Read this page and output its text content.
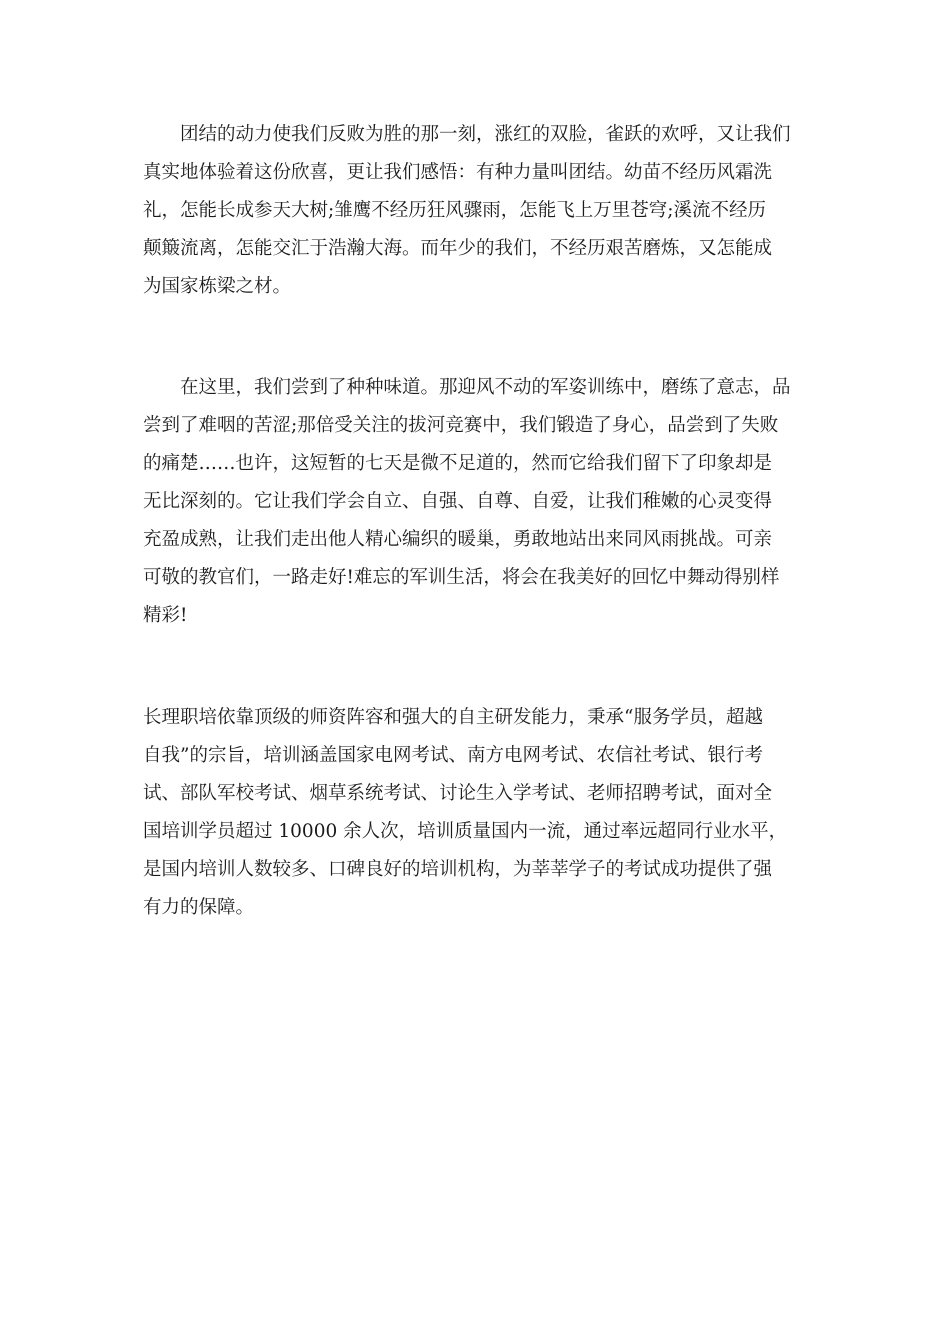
　　团结的动力使我们反败为胜的那一刻，涨红的双脸，雀跃的欢呼，又让我们
真实地体验着这份欣喜，更让我们感悟：有种力量叫团结。幼苗不经历风霜洗
礼，怎能长成参天大树;雏鹰不经历狂风骤雨，怎能飞上万里苍穹;溪流不经历
颠簸流离，怎能交汇于浩瀚大海。而年少的我们，不经历艰苦磨炼，又怎能成
为国家栋梁之材。
　　在这里，我们尝到了种种味道。那迎风不动的军姿训练中，磨练了意志，品
尝到了难咽的苦涩;那倍受关注的拔河竞赛中，我们锻造了身心，品尝到了失败
的痛楚……也许，这短暂的七天是微不足道的，然而它给我们留下了印象却是
无比深刻的。它让我们学会自立、自强、自尊、自爱，让我们稚嫩的心灵变得
充盈成熟，让我们走出他人精心编织的暖巢，勇敢地站出来同风雨挑战。可亲
可敬的教官们，一路走好!难忘的军训生活，将会在我美好的回忆中舞动得别样
精彩!
长理职培依靠顶级的师资阵容和强大的自主研发能力，秉承“服务学员，超越
自我”的宗旨，培训涵盖国家电网考试、南方电网考试、农信社考试、银行考
试、部队军校考试、烟草系统考试、讨论生入学考试、老师招聘考试，面对全
国培训学员超过 10000 余人次，培训质量国内一流，通过率远超同行业水平，
是国内培训人数较多、口碑良好的培训机构，为莘莘学子的考试成功提供了强
有力的保障。
